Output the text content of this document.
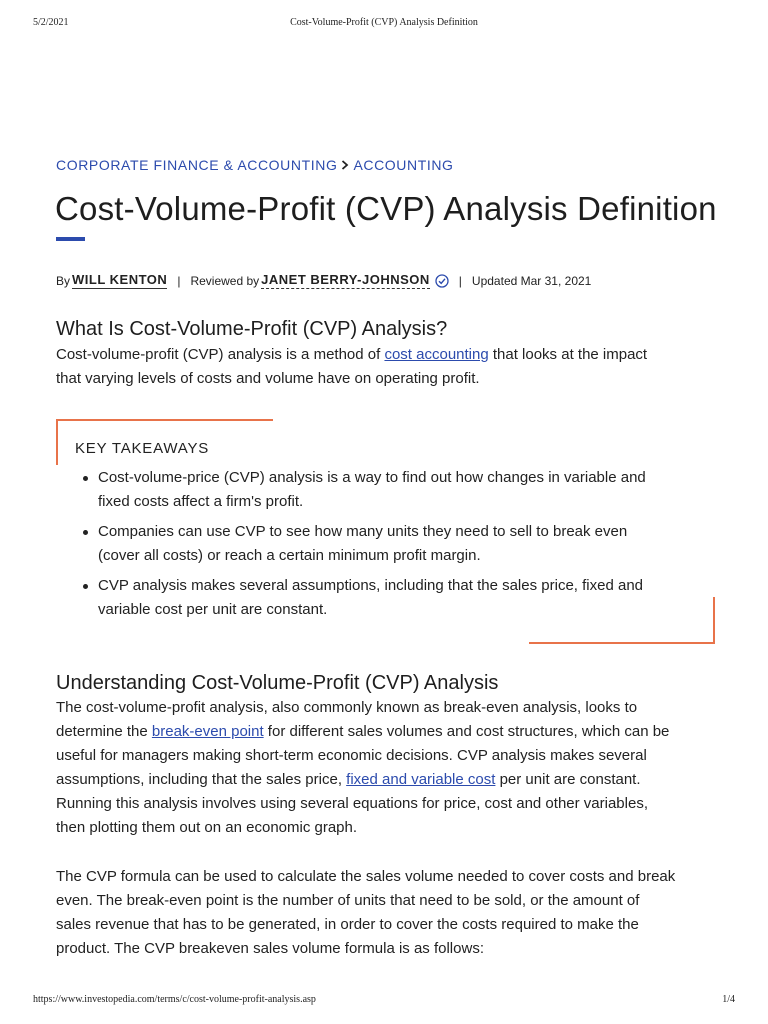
5/2/2021	Cost-Volume-Profit (CVP) Analysis Definition
CORPORATE FINANCE & ACCOUNTING ACCOUNTING
Cost-Volume-Profit (CVP) Analysis Definition
By WILL KENTON | Reviewed by JANET BERRY-JOHNSON | Updated Mar 31, 2021
What Is Cost-Volume-Profit (CVP) Analysis?

Cost-volume-profit (CVP) analysis is a method of cost accounting that looks at the impact
that varying levels of costs and volume have on operating profit.

KEY TAKEAWAYS
Cost-volume-price (CVP) analysis is a way to find out how changes in variable and
fixed costs affect a firm's profit.
Companies can use CVP to see how many units they need to sell to break even
(cover all costs) or reach a certain minimum profit margin.
CVP analysis makes several assumptions, including that the sales price, fixed and
variable cost per unit are constant.
Understanding Cost-Volume-Profit (CVP) Analysis

The cost-volume-profit analysis, also commonly known as break-even analysis, looks to
determine the break-even point for different sales volumes and cost structures, which can be
useful for managers making short-term economic decisions. CVP analysis makes several
assumptions, including that the sales price, fixed and variable cost per unit are constant.
Running this analysis involves using several equations for price, cost and other variables,
then plotting them out on an economic graph.

The CVP formula can be used to calculate the sales volume needed to cover costs and break
even. The break-even point is the number of units that need to be sold, or the amount of
sales revenue that has to be generated, in order to cover the costs required to make the
product. The CVP breakeven sales volume formula is as follows:

https://www.investopedia.com/terms/c/cost-volume-profit-analysis.asp	1/4
